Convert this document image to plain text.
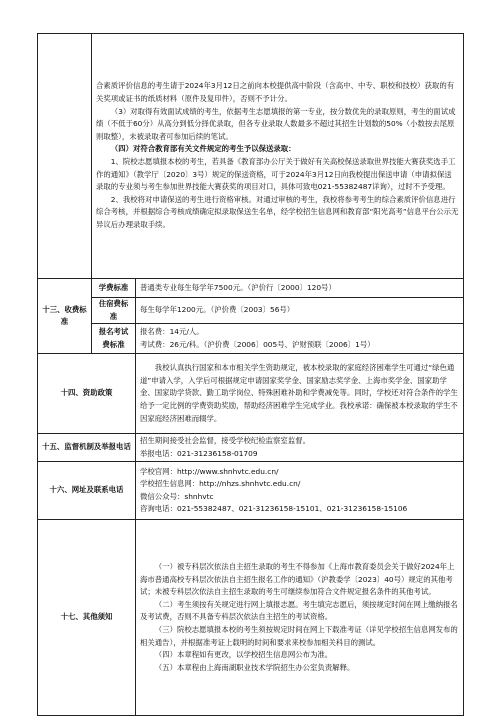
	合素质评价信息的考生请于2024年3月12日之前向本校提供高中阶段（含高中、中专、职校和技校）获取的有关奖项或证书的纸质材料（原件及复印件），否则不予计分。

（3）对取得有效面试成绩的考生，依据考生志愿填报的第一专业，按分数优先的录取原则，考生的面试成绩（不低于60分）从高分到低分择优录取，但各专业录取人数最多不超过其招生计划数的50%（小数按去尾原则取整），未被录取者可参加后续的笔试。

（四）对符合教育部有关文件规定的考生予以保送录取：

1、院校志愿填报本校的考生，若具备《教育部办公厅关于做好有关高校保送录取世界技能大赛获奖选手工作的通知》（教学厅〔2020〕3号）规定的保送资格，可于2024年3月12日向我校提出保送申请（申请拟保送录取的专业须与考生参加世界技能大赛获奖的项目对口，具体可致电021-55382487详询），过时不予受理。

2、我校将对申请保送的考生进行资格审核。对通过审核的考生，我校将参考考生的综合素质评价信息进行综合考核，并根据综合考核成绩确定拟录取保送生名单，经学校招生信息网和教育部“阳光高考”信息平台公示无异议后办理录取手续。	

十三、收费标准	学费标准	普通类专业每生每学年7500元。（沪价行〔2000〕120号）
	住宿费标准	每生每学年1200元。（沪价费〔2003〕56号）
	报名考试费标准	报名费：14元/人。
考试费：26元/科。（沪价费〔2006〕005号、沪财预联〔2006〕1号）

十四、资助政策		我校认真执行国家和本市相关学生资助规定，被本校录取的家庭经济困难学生可通过“绿色通道”申请入学，入学后可根据规定申请国家奖学金、国家励志奖学金、上海市奖学金、国家助学金、国家助学贷款、勤工助学岗位、特殊困难补助和学费减免等。同时，学校还对符合条件的学生给予一定比例的学费资助奖励，帮助经济困难学生完成学业。我校承诺：确保被本校录取的学生不因家庭经济困难而辍学。
十五、监督机制及举报电话		招生期间接受社会监督，接受学校纪检监察室监督。
举报电话：021-31236158-01709

十六、网址及联系电话		学校官网：http://www.shnhvtc.edu.cn/
学校招生信息网：http://nhzs.shnhvtc.edu.cn/
微信公众号：shnhvtc
咨询电话：021-55382487、021-31236158-15101、021-31236158-15106

十七、其他须知		（一）被专科层次依法自主招生录取的考生不得参加《上海市教育委员会关于做好2024年上海市普通高校专科层次依法自主招生报名工作的通知》（沪教委学〔2023〕40号）规定的其他考试；未被专科层次依法自主招生录取的考生可继续参加符合文件规定报名条件的其他考试。

（二）考生须按有关规定进行网上填报志愿。考生填完志愿后，须按规定时间在网上缴纳报名及考试费，否则不具备专科层次依法自主招生的考试资格。

（三）院校志愿填报本校的考生须按规定时间在网上下载准考证（详见学校招生信息网发布的相关通告），并根据准考证上载明的时间和要求来校参加相关科目的测试。

（四）本章程如有更改，以学校招生信息网公布为准。

（五）本章程由上海南湖职业技术学院招生办公室负责解释。
